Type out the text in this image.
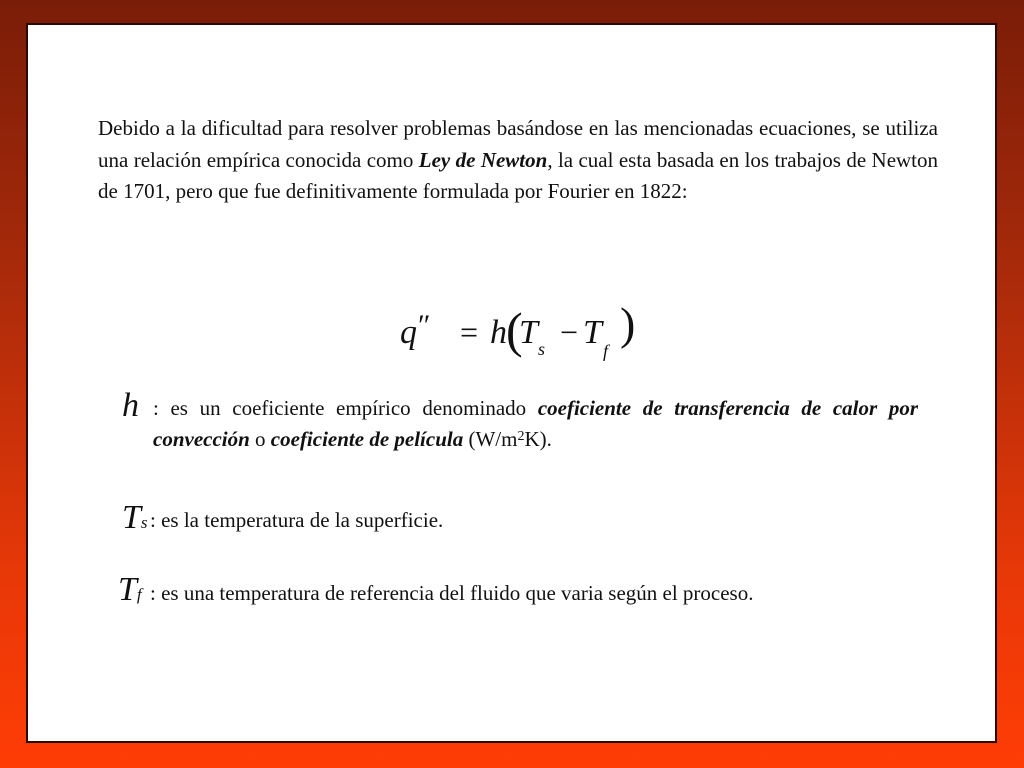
Debido a la dificultad para resolver problemas basándose en las mencionadas ecuaciones, se utiliza una relación empírica conocida como Ley de Newton, la cual esta basada en los trabajos de Newton de 1701, pero que fue definitivamente formulada por Fourier en 1822:
q ″ = h (
T s − T f
)
h : es un coeficiente empírico denominado coeficiente de transferencia de calor por convección o coeficiente de película $(W/m^2K)$.
Ts : es la temperatura de la superficie.
Tf : es una temperatura de referencia del fluido que varia según el proceso.
